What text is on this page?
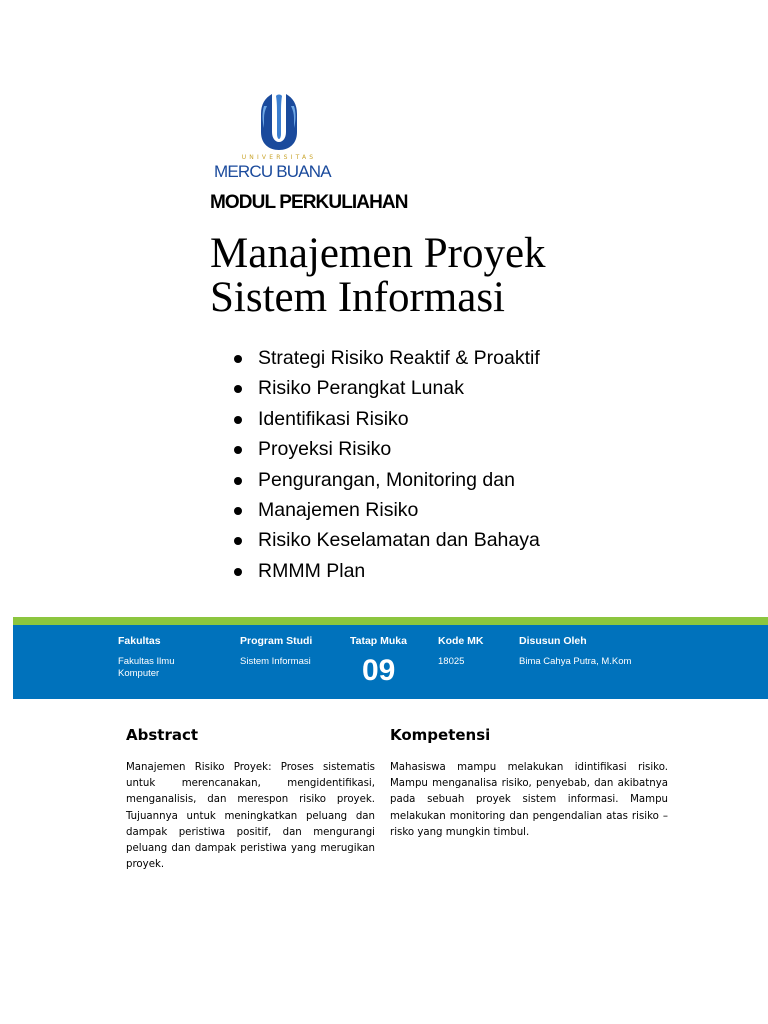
UNIVERSITAS
MERCU BUANA
MODUL PERKULIAHAN
Manajemen Proyek
Sistem Informasi
Strategi Risiko Reaktif & Proaktif
Risiko Perangkat Lunak
Identifikasi Risiko
Proyeksi Risiko
Pengurangan, Monitoring dan
Manajemen Risiko
Risiko Keselamatan dan Bahaya
RMMM Plan
Fakultas
Fakultas Ilmu
Komputer
Program Studi
Sistem Informasi
Tatap Muka
09
Kode MK
18025
Disusun Oleh
Bima Cahya Putra, M.Kom
Abstract

Manajemen Risiko Proyek: Proses sistematis untuk merencanakan, mengidentifikasi, menganalisis, dan merespon risiko proyek. Tujuannya untuk meningkatkan peluang dan dampak peristiwa positif, dan mengurangi peluang dan dampak peristiwa yang merugikan proyek.

Kompetensi

Mahasiswa mampu melakukan idintifikasi risiko. Mampu menganalisa risiko, penyebab, dan akibatnya pada sebuah proyek sistem informasi. Mampu melakukan monitoring dan pengendalian atas risiko – risko yang mungkin timbul.
